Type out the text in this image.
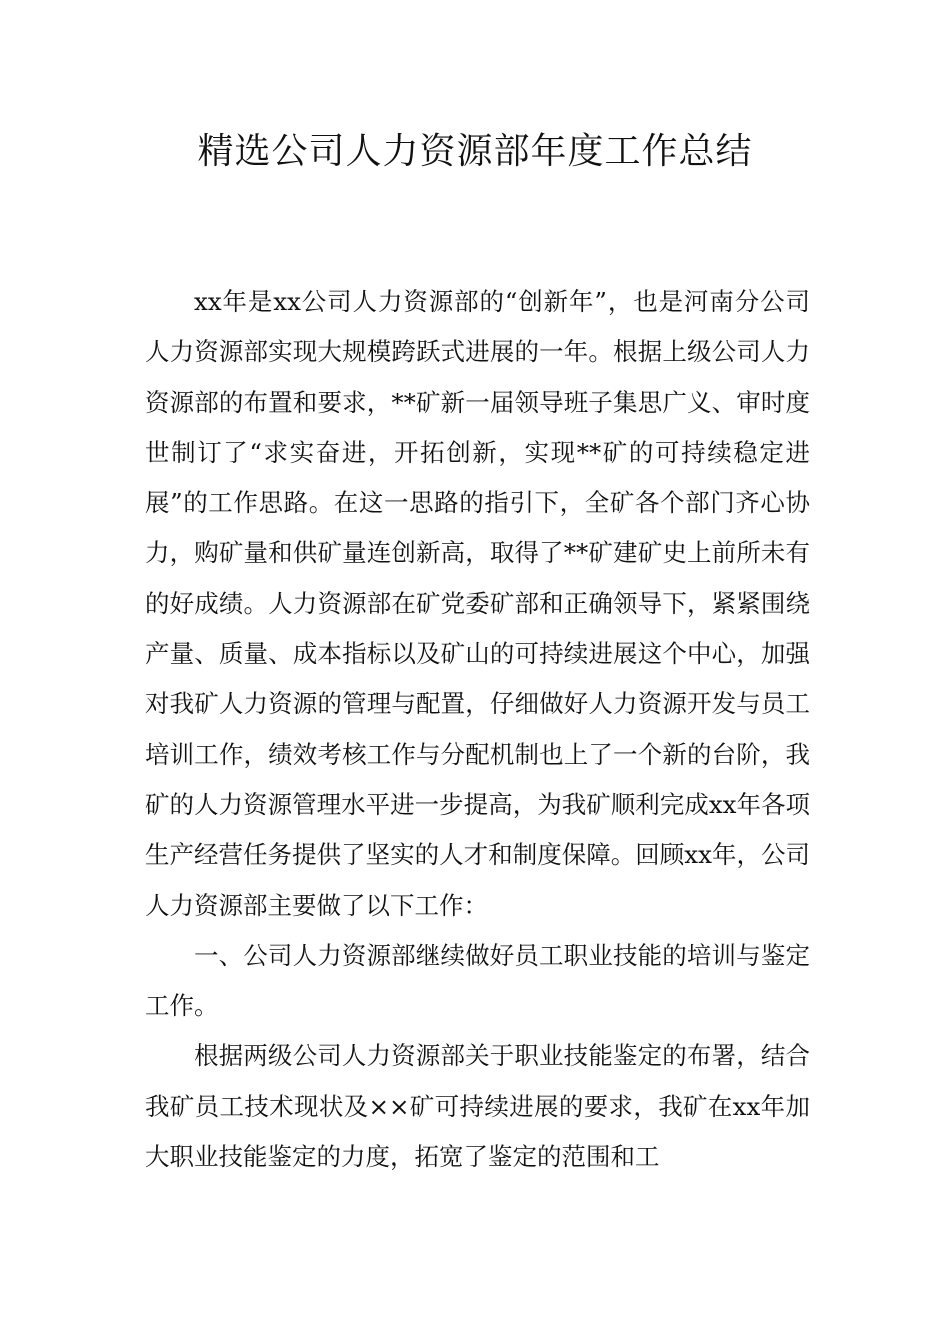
精选公司人力资源部年度工作总结

xx年是xx公司人力资源部的“创新年”，也是河南分公司人力资源部实现大规模跨跃式进展的一年。根据上级公司人力资源部的布置和要求，**矿新一届领导班子集思广义、审时度世制订了“求实奋进，开拓创新，实现**矿的可持续稳定进展”的工作思路。在这一思路的指引下，全矿各个部门齐心协力，购矿量和供矿量连创新高，取得了**矿建矿史上前所未有的好成绩。人力资源部在矿党委矿部和正确领导下，紧紧围绕产量、质量、成本指标以及矿山的可持续进展这个中心，加强对我矿人力资源的管理与配置，仔细做好人力资源开发与员工培训工作，绩效考核工作与分配机制也上了一个新的台阶，我矿的人力资源管理水平进一步提高，为我矿顺利完成xx年各项生产经营任务提供了坚实的人才和制度保障。回顾xx年，公司人力资源部主要做了以下工作：

一、公司人力资源部继续做好员工职业技能的培训与鉴定工作。

根据两级公司人力资源部关于职业技能鉴定的布署，结合我矿员工技术现状及××矿可持续进展的要求，我矿在xx年加大职业技能鉴定的力度，拓宽了鉴定的范围和工
